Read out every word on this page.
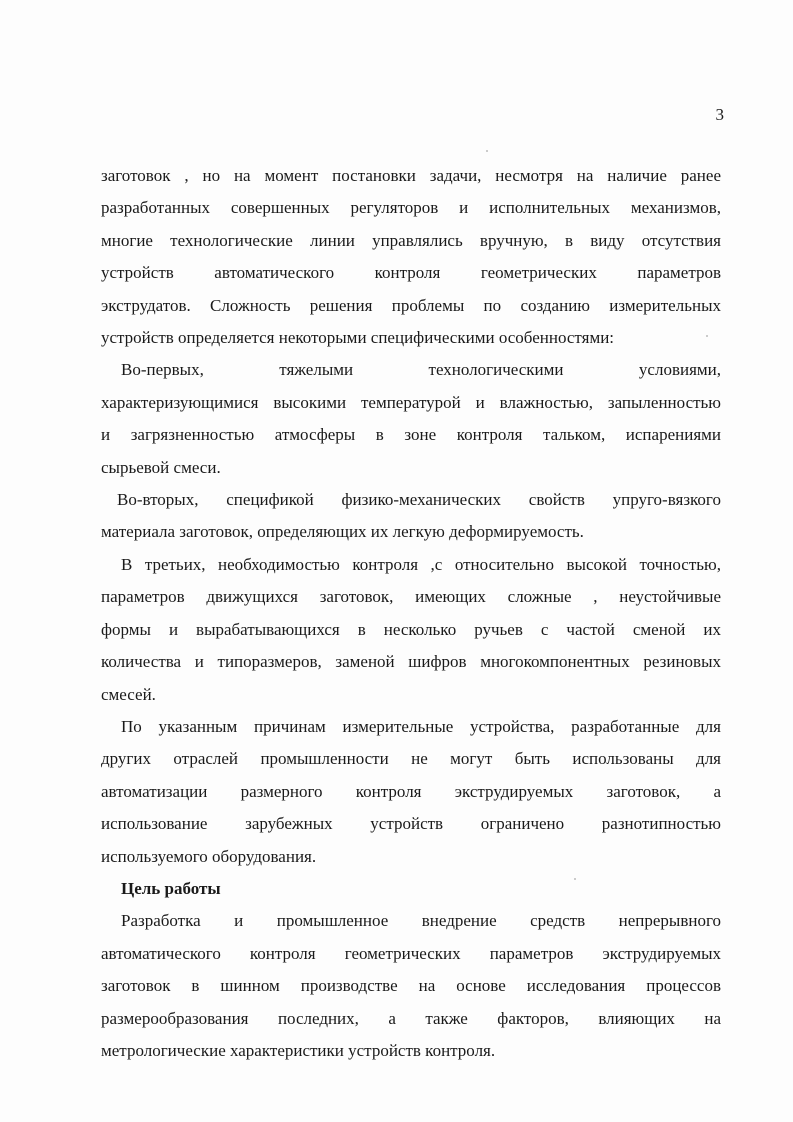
3

заготовок , но на момент постановки задачи, несмотря на наличие ранее
разработанных совершенных регуляторов и исполнительных механизмов,
многие технологические линии управлялись вручную, в виду отсутствия
устройств автоматического контроля геометрических параметров
экструдатов. Сложность решения проблемы по созданию измерительных
устройств определяется некоторыми специфическими особенностями:

Во-первых, тяжелыми технологическими условиями,
характеризующимися высокими температурой и влажностью, запыленностью
и загрязненностью атмосферы в зоне контроля тальком, испарениями
сырьевой смеси.

Во-вторых, спецификой физико-механических свойств упруго-вязкого
материала заготовок, определяющих их легкую деформируемость.

В третьих, необходимостью контроля ,с относительно высокой точностью,
параметров движущихся заготовок, имеющих сложные , неустойчивые
формы и вырабатывающихся в несколько ручьев с частой сменой их
количества и типоразмеров, заменой шифров многокомпонентных резиновых
смесей.

По указанным причинам измерительные устройства, разработанные для
других отраслей промышленности не могут быть использованы для
автоматизации размерного контроля экструдируемых заготовок, а
использование зарубежных устройств ограничено разнотипностью
используемого оборудования.

Цель работы

Разработка и промышленное внедрение средств непрерывного
автоматического контроля геометрических параметров экструдируемых
заготовок в шинном производстве на основе исследования процессов
размерообразования последних, а также факторов, влияющих на
метрологические характеристики устройств контроля.
